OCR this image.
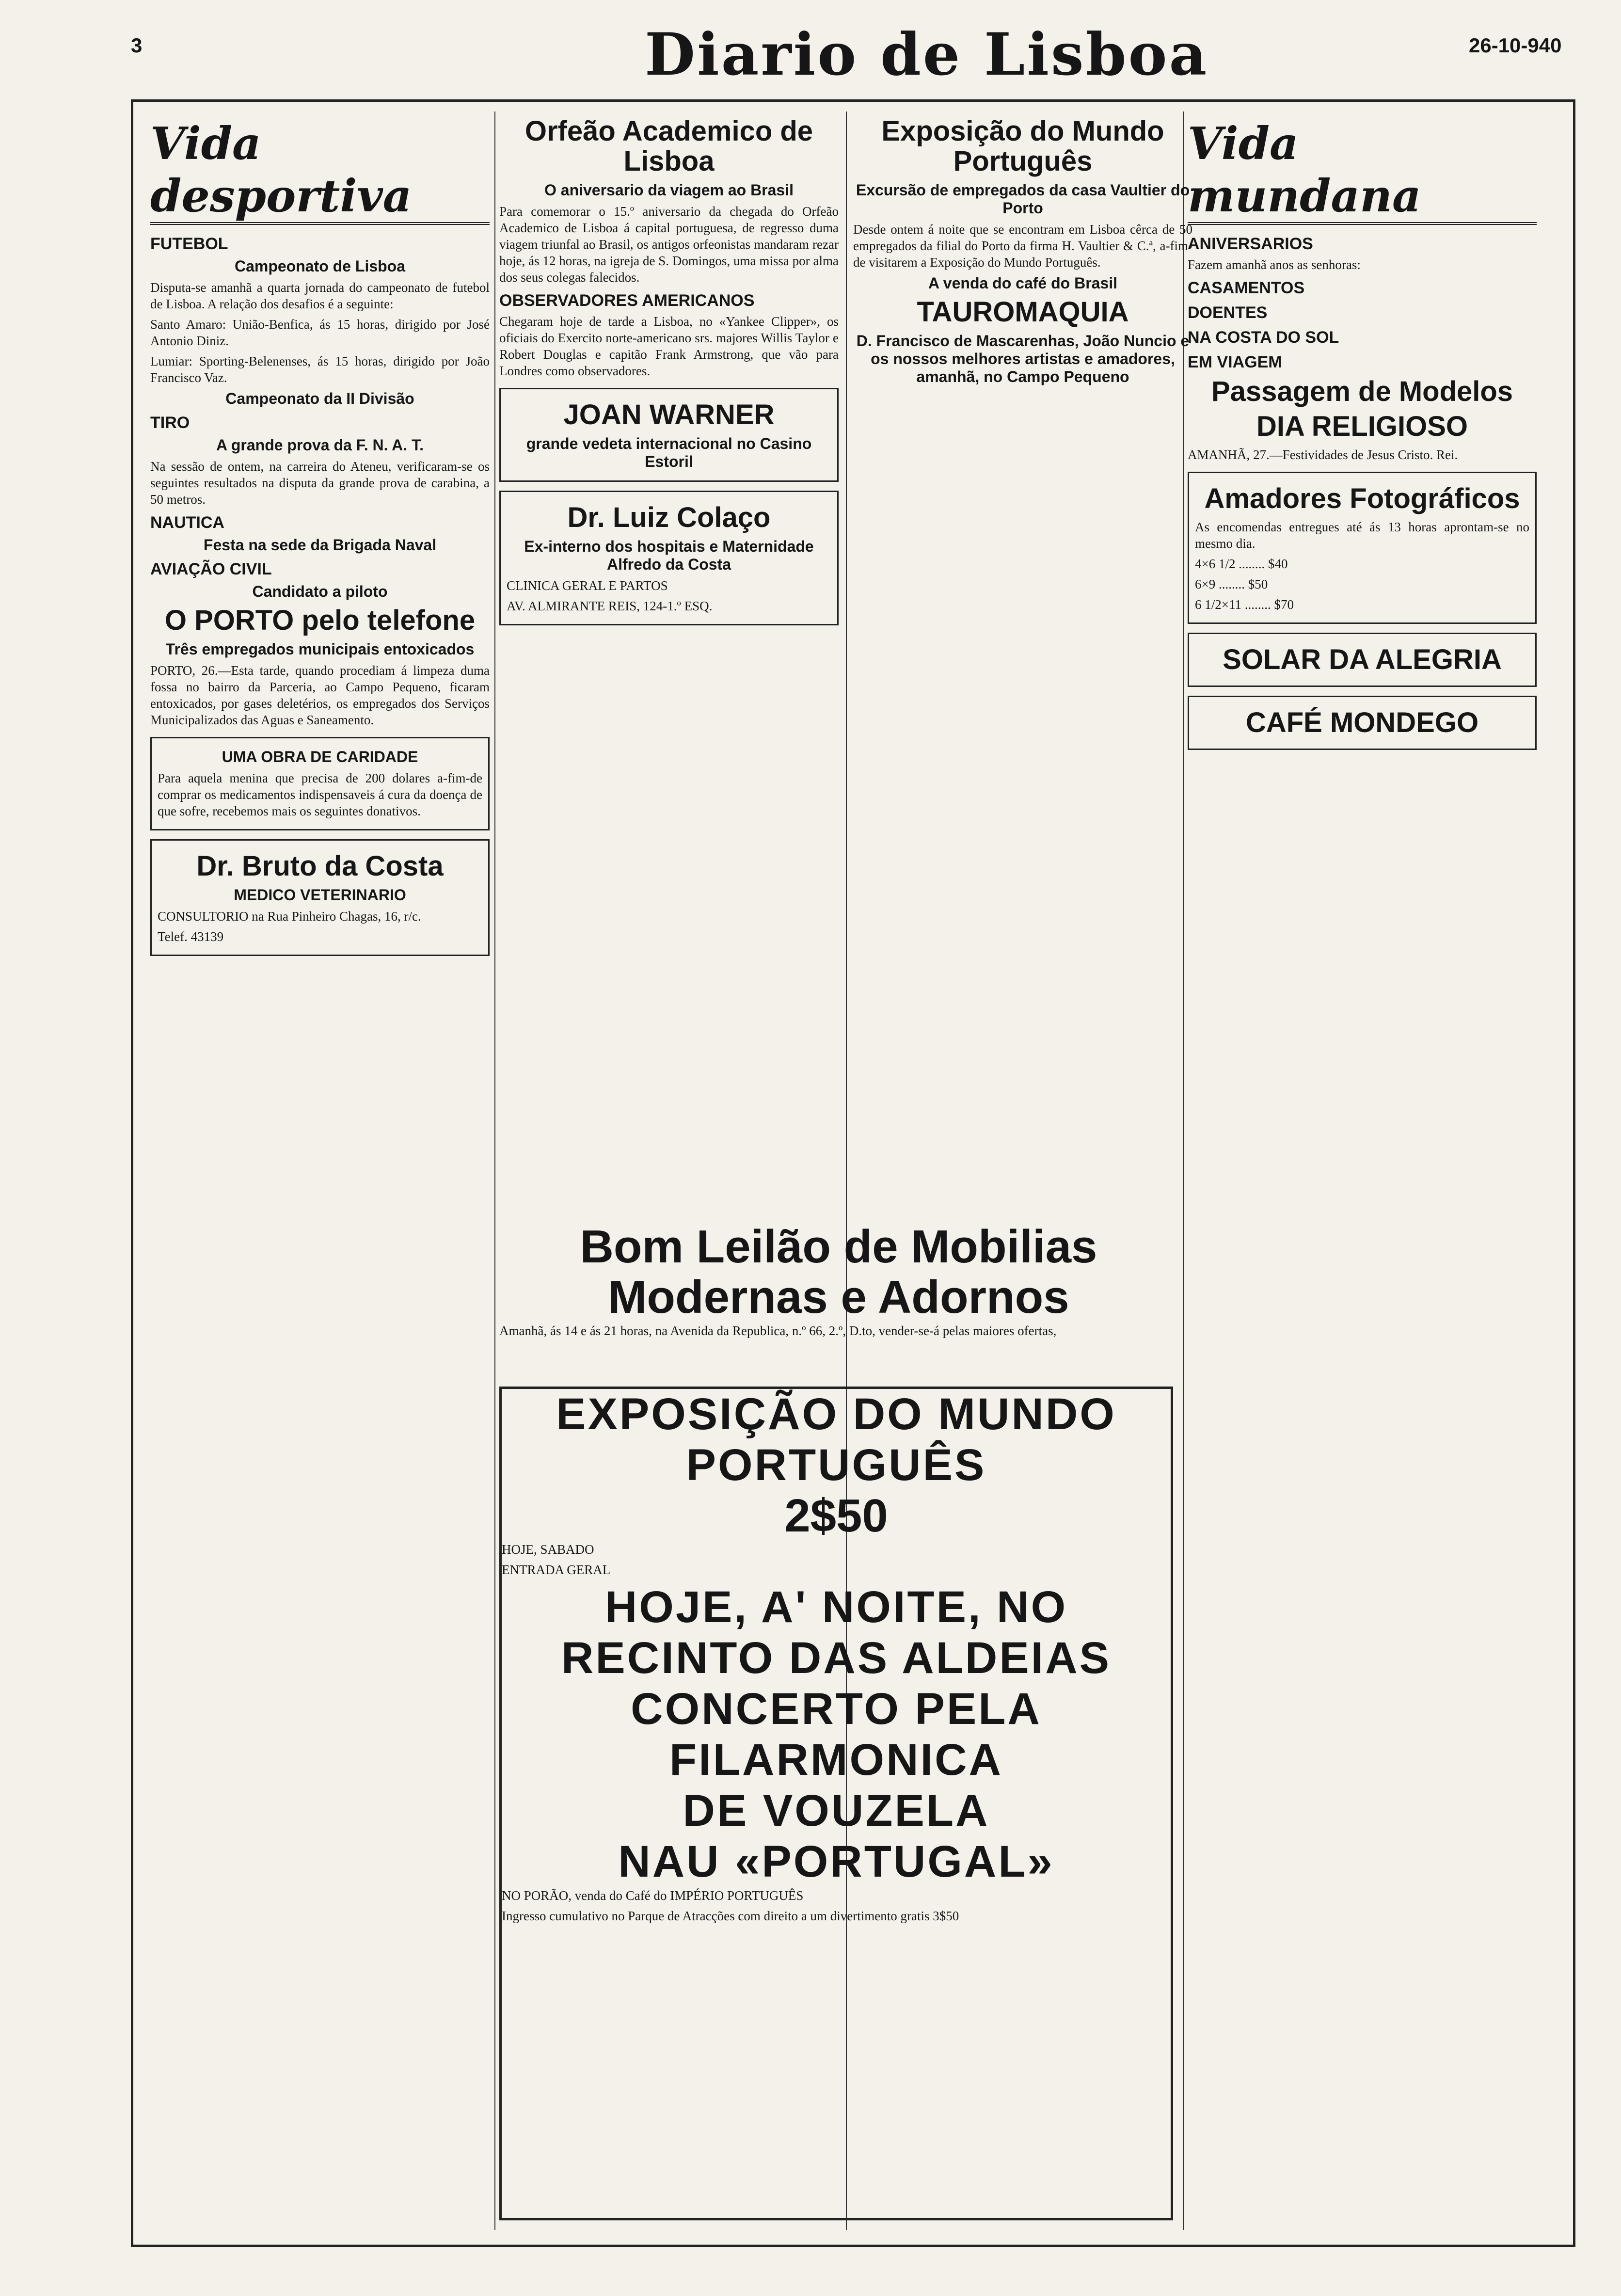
3	Diario de Lisboa	26-10-940
Vida desportiva
FUTEBOL
Campeonato de Lisboa

Disputa-se amanhã a quarta jornada do campeonato de futebol de Lisboa. A relação dos desafios é a seguinte:

Santo Amaro: União-Benfica, ás 15 horas, dirigido por José Antonio Diniz.

Lumiar: Sporting-Belenenses, ás 15 horas, dirigido por João Francisco Vaz.

Campeonato da II Divisão
TIRO
A grande prova da F. N. A. T.

Na sessão de ontem, na carreira do Ateneu, verificaram-se os seguintes resultados na disputa da grande prova de carabina, a 50 metros.

NAUTICA
Festa na sede da Brigada Naval
AVIAÇÃO CIVIL
Candidato a piloto
O PORTO pelo telefone
Três empregados municipais entoxicados

PORTO, 26.—Esta tarde, quando procediam á limpeza duma fossa no bairro da Parceria, ao Campo Pequeno, ficaram entoxicados, por gases deletérios, os empregados dos Serviços Municipalizados das Aguas e Saneamento.

UMA OBRA DE CARIDADE

Para aquela menina que precisa de 200 dolares a-fim-de comprar os medicamentos indispensaveis á cura da doença de que sofre, recebemos mais os seguintes donativos.

Dr. Bruto da Costa
MEDICO VETERINARIO

CONSULTORIO na Rua Pinheiro Chagas, 16, r/c.

Telef. 43139

Orfeão Academico de Lisboa
O aniversario da viagem ao Brasil

Para comemorar o 15.º aniversario da chegada do Orfeão Academico de Lisboa á capital portuguesa, de regresso duma viagem triunfal ao Brasil, os antigos orfeonistas mandaram rezar hoje, ás 12 horas, na igreja de S. Domingos, uma missa por alma dos seus colegas falecidos.

OBSERVADORES AMERICANOS

Chegaram hoje de tarde a Lisboa, no «Yankee Clipper», os oficiais do Exercito norte-americano srs. majores Willis Taylor e Robert Douglas e capitão Frank Armstrong, que vão para Londres como observadores.

JOAN WARNER
grande vedeta internacional no Casino Estoril
Dr. Luiz Colaço
Ex-interno dos hospitais e Maternidade Alfredo da Costa

CLINICA GERAL E PARTOS

AV. ALMIRANTE REIS, 124-1.º ESQ.

Exposição do Mundo Português
Excursão de empregados da casa Vaultier do Porto

Desde ontem á noite que se encontram em Lisboa cêrca de 50 empregados da filial do Porto da firma H. Vaultier & C.ª, a-fim-de visitarem a Exposição do Mundo Português.

A venda do café do Brasil
TAUROMAQUIA
D. Francisco de Mascarenhas, João Nuncio e os nossos melhores artistas e amadores, amanhã, no Campo Pequeno
Vida mundana
ANIVERSARIOS

Fazem amanhã anos as senhoras:

CASAMENTOS
DOENTES
NA COSTA DO SOL
EM VIAGEM
Passagem de Modelos
DIA RELIGIOSO

AMANHÃ, 27.—Festividades de Jesus Cristo. Rei.

Amadores Fotográficos

As encomendas entregues até ás 13 horas aprontam-se no mesmo dia.

4×6 1/2 ........ $40

6×9 ........ $50

6 1/2×11 ........ $70

SOLAR DA ALEGRIA
CAFÉ MONDEGO
Bom Leilão de Mobilias Modernas e Adornos

Amanhã, ás 14 e ás 21 horas, na Avenida da Republica, n.º 66, 2.º, D.to, vender-se-á pelas maiores ofertas,

EXPOSIÇÃO DO MUNDO
PORTUGUÊS
2$50

HOJE, SABADO

ENTRADA GERAL

HOJE, A' NOITE, NO RECINTO DAS ALDEIAS
CONCERTO PELA FILARMONICA
DE VOUZELA
NAU «PORTUGAL»

NO PORÃO, venda do Café do IMPÉRIO PORTUGUÊS

Ingresso cumulativo no Parque de Atracções com direito a um divertimento gratis 3$50
